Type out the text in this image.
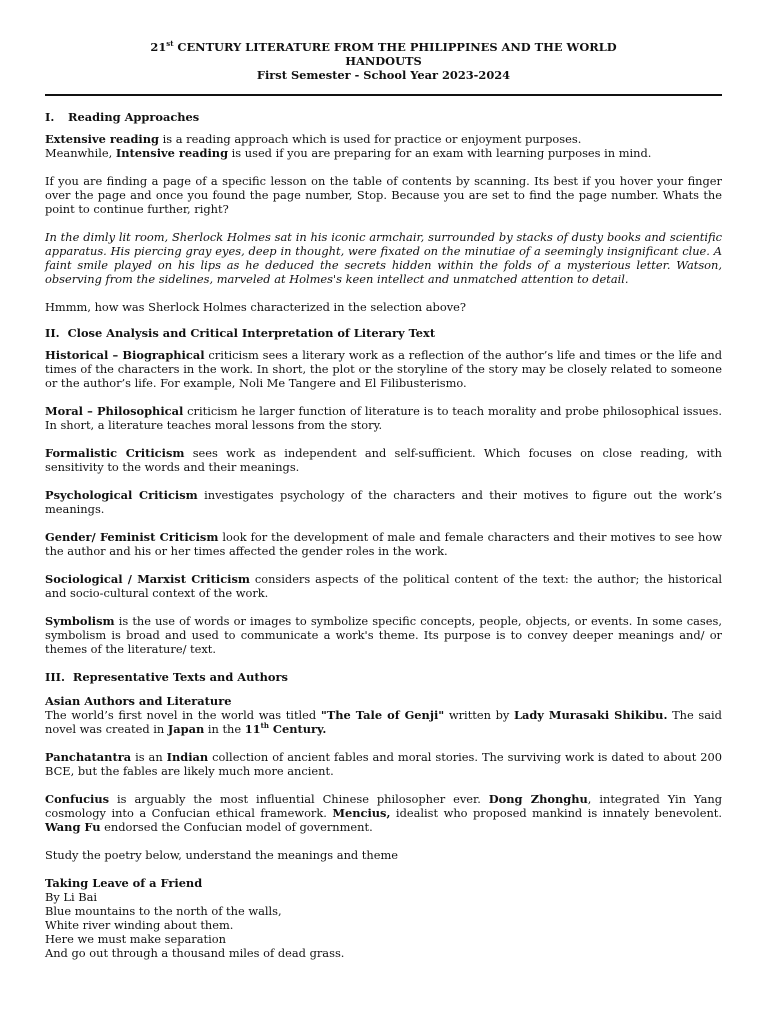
21st CENTURY LITERATURE FROM THE PHILIPPINES AND THE WORLD
HANDOUTS
First Semester - School Year 2023-2024
I. Reading Approaches

Extensive reading is a reading approach which is used for practice or enjoyment purposes.
Meanwhile, Intensive reading is used if you are preparing for an exam with learning purposes in mind.

If you are finding a page of a specific lesson on the table of contents by scanning. Its best if you hover your finger over the page and once you found the page number, Stop. Because you are set to find the page number. Whats the point to continue further, right?

In the dimly lit room, Sherlock Holmes sat in his iconic armchair, surrounded by stacks of dusty books and scientific apparatus. His piercing gray eyes, deep in thought, were fixated on the minutiae of a seemingly insignificant clue. A faint smile played on his lips as he deduced the secrets hidden within the folds of a mysterious letter. Watson, observing from the sidelines, marveled at Holmes's keen intellect and unmatched attention to detail.

Hmmm, how was Sherlock Holmes characterized in the selection above?

II. Close Analysis and Critical Interpretation of Literary Text

Historical – Biographical criticism sees a literary work as a reflection of the author’s life and times or the life and times of the characters in the work. In short, the plot or the storyline of the story may be closely related to someone or the author’s life. For example, Noli Me Tangere and El Filibusterismo.

Moral – Philosophical criticism he larger function of literature is to teach morality and probe philosophical issues. In short, a literature teaches moral lessons from the story.

Formalistic Criticism sees work as independent and self-sufficient. Which focuses on close reading, with sensitivity to the words and their meanings.

Psychological Criticism investigates psychology of the characters and their motives to figure out the work’s meanings.

Gender/ Feminist Criticism look for the development of male and female characters and their motives to see how the author and his or her times affected the gender roles in the work.

Sociological / Marxist Criticism considers aspects of the political content of the text: the author; the historical and socio-cultural context of the work.

Symbolism is the use of words or images to symbolize specific concepts, people, objects, or events. In some cases, symbolism is broad and used to communicate a work's theme. Its purpose is to convey deeper meanings and/ or themes of the literature/ text.

III. Representative Texts and Authors
Asian Authors and Literature

The world’s first novel in the world was titled "The Tale of Genji" written by Lady Murasaki Shikibu. The said novel was created in Japan in the 11th Century.

Panchatantra is an Indian collection of ancient fables and moral stories. The surviving work is dated to about 200 BCE, but the fables are likely much more ancient.

Confucius is arguably the most influential Chinese philosopher ever. Dong Zhonghu, integrated Yin Yang cosmology into a Confucian ethical framework. Mencius, idealist who proposed mankind is innately benevolent. Wang Fu endorsed the Confucian model of government.

Study the poetry below, understand the meanings and theme

Taking Leave of a Friend

By Li Bai

Blue mountains to the north of the walls,

White river winding about them.

Here we must make separation

And go out through a thousand miles of dead grass.
